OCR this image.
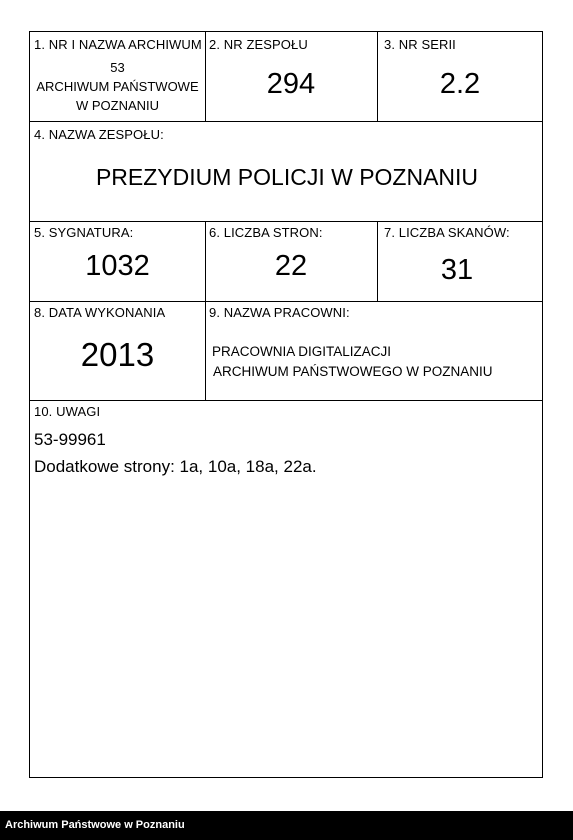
1. NR I NAZWA ARCHIWUM
53
ARCHIWUM PAŃSTWOWE
W POZNANIU
2. NR ZESPOŁU
294
3. NR SERII
2.2
4. NAZWA ZESPOŁU:
PREZYDIUM POLICJI W POZNANIU
5. SYGNATURA:
1032
6. LICZBA STRON:
22
7. LICZBA SKANÓW:
31
8. DATA WYKONANIA
2013
9. NAZWA PRACOWNI:
PRACOWNIA DIGITALIZACJI
ARCHIWUM PAŃSTWOWEGO W POZNANIU
10. UWAGI
53-99961
Dodatkowe strony: 1a, 10a, 18a, 22a.
Archiwum Państwowe w Poznaniu
